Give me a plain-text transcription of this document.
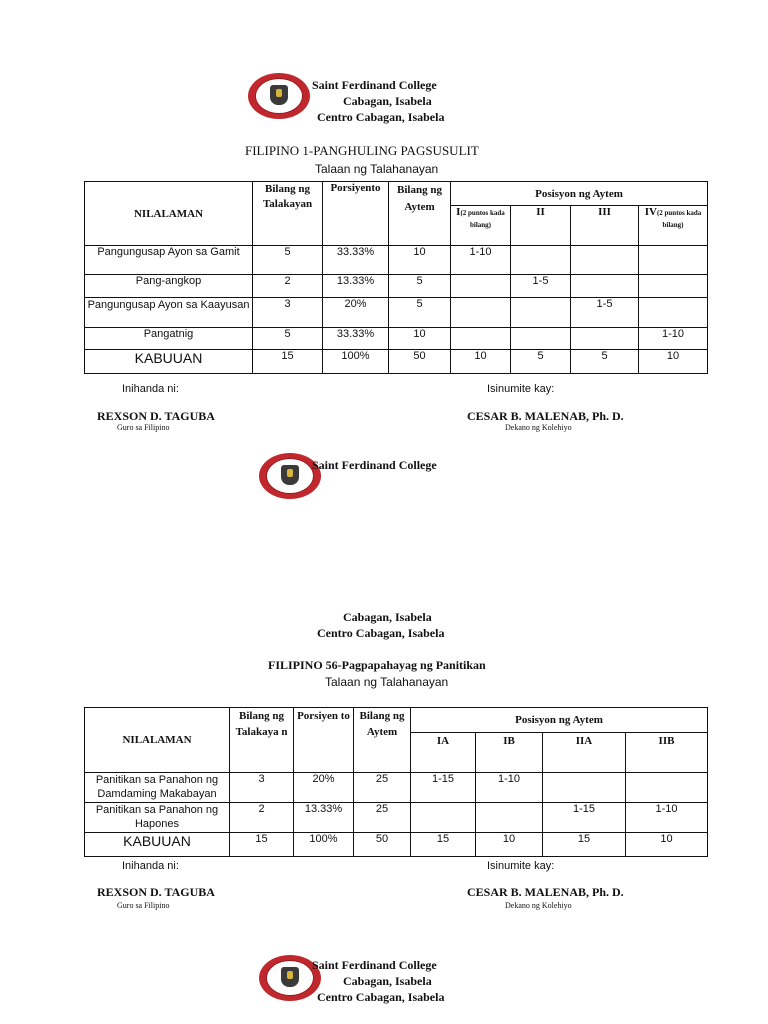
Saint Ferdinand College
Cabagan, Isabela
Centro Cabagan, Isabela
FILIPINO 1-PANGHULING PAGSUSULIT
Talaan ng Talahanayan
NILALAMAN	Bilang ng Talakayan	Porsiyento	Bilang ng Aytem	Posisyon ng Aytem			
				I(2 puntos kada bilang)	II	III	IV(2 puntos kada bilang)
Pangungusap Ayon sa Gamit	5	33.33%	10	1-10			
Pang-angkop	2	13.33%	5		1-5		
Pangungusap Ayon sa Kaayusan	3	20%	5			1-5	
Pangatnig	5	33.33%	10				1-10
KABUUAN	15	100%	50	10	5	5	10
Inihanda ni:	Isinumite kay:
REXSON D. TAGUBA	CESAR B. MALENAB, Ph. D.
Guro sa Filipino	Dekano ng Kolehiyo
Saint Ferdinand College
Cabagan, Isabela
Centro Cabagan, Isabela
FILIPINO 56-Pagpapahayag ng Panitikan
Talaan ng Talahanayan
NILALAMAN	Bilang ng Talakaya n	Porsiyen to	Bilang ng Aytem	Posisyon ng Aytem			
				IA	IB	IIA	IIB
Panitikan sa Panahon ng Damdaming Makabayan	3	20%	25	1-15	1-10		
Panitikan sa Panahon ng Hapones	2	13.33%	25			1-15	1-10
KABUUAN	15	100%	50	15	10	15	10
Inihanda ni:	Isinumite kay:
REXSON D. TAGUBA	CESAR B. MALENAB, Ph. D.
Guro sa Filipino	Dekano ng Kolehiyo
Saint Ferdinand College
Cabagan, Isabela
Centro Cabagan, Isabela
